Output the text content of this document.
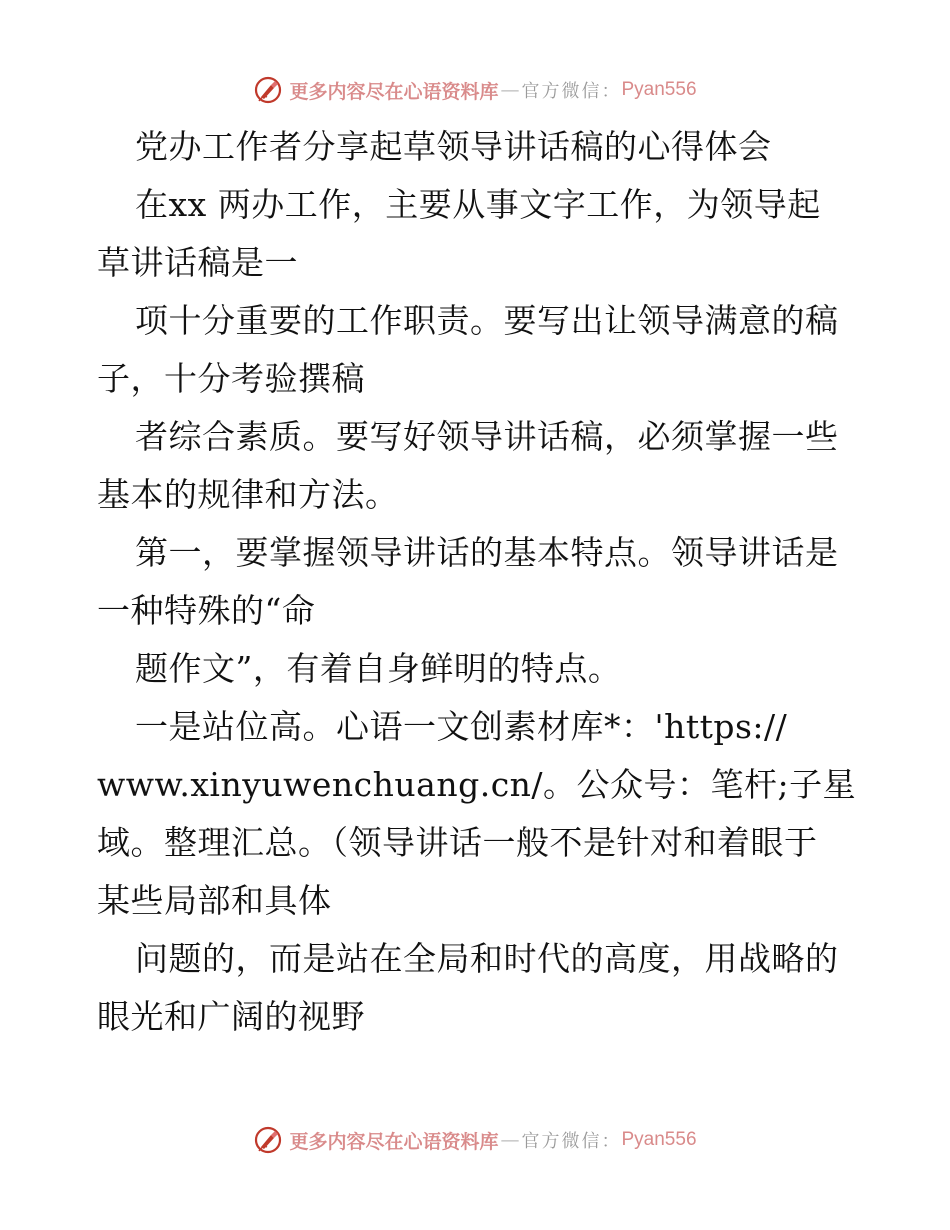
更多内容尽在心语资料库 — 官方微信： Pyan556
党办工作者分享起草领导讲话稿的心得体会
在xx 两办工作，主要从事文字工作，为领导起
草讲话稿是一
项十分重要的工作职责。要写出让领导满意的稿
子，十分考验撰稿
者综合素质。要写好领导讲话稿，必须掌握一些
基本的规律和方法。
第一，要掌握领导讲话的基本特点。领导讲话是
一种特殊的“命
题作文”，有着自身鲜明的特点。
一是站位高。心语一文创素材库*：'https://
www.xinyuwenchuang.cn/。公众号：笔杆;子星
域。整理汇总。（领导讲话一般不是针对和着眼于
某些局部和具体
问题的，而是站在全局和时代的高度，用战略的
眼光和广阔的视野
更多内容尽在心语资料库 — 官方微信： Pyan556
